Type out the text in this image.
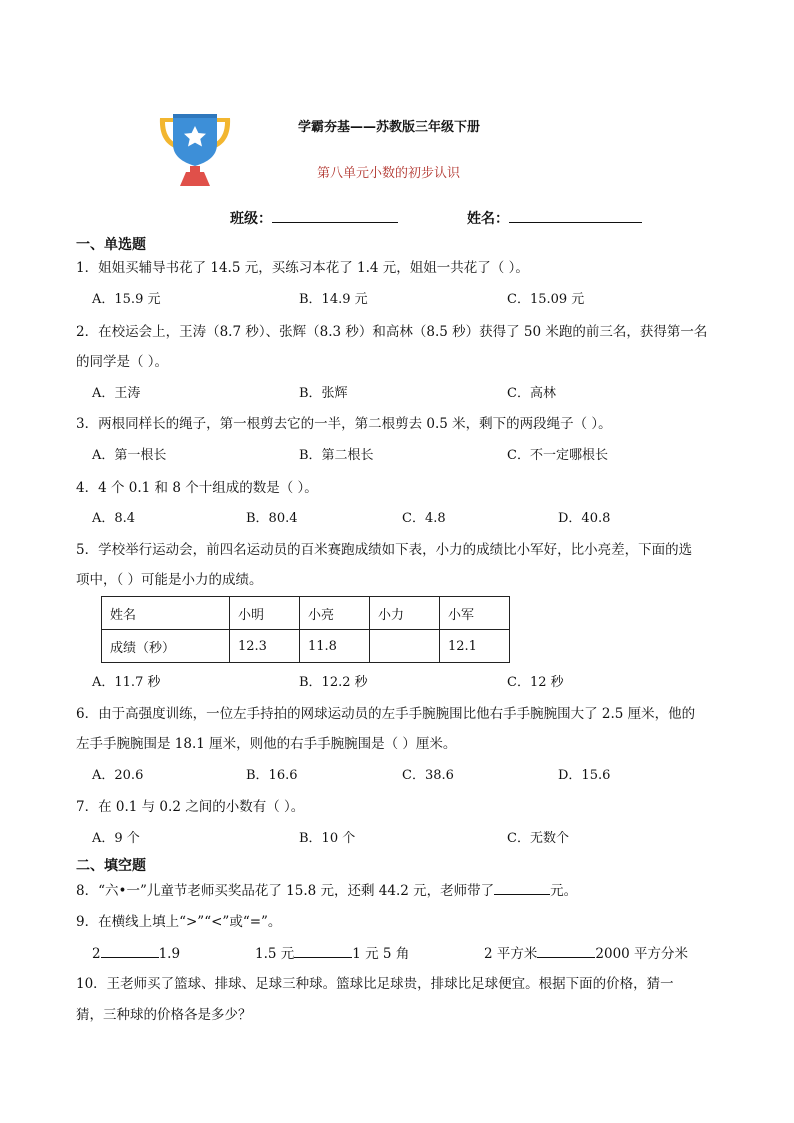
学霸夯基——苏教版三年级下册
第八单元小数的初步认识
班级：	姓名：
一、单选题
1．姐姐买辅导书花了 14.5 元，买练习本花了 1.4 元，姐姐一共花了（ ）。
A．15.9 元	B．14.9 元	C．15.09 元
2．在校运会上，王涛（8.7 秒）、张辉（8.3 秒）和高林（8.5 秒）获得了 50 米跑的前三名，获得第一名
的同学是（ ）。
A．王涛	B．张辉	C．高林
3．两根同样长的绳子，第一根剪去它的一半，第二根剪去 0.5 米，剩下的两段绳子（ ）。
A．第一根长	B．第二根长	C．不一定哪根长
4．4 个 0.1 和 8 个十组成的数是（ ）。
A．8.4	B．80.4	C．4.8	D．40.8
5．学校举行运动会，前四名运动员的百米赛跑成绩如下表，小力的成绩比小军好，比小亮差，下面的选
项中，（ ）可能是小力的成绩。
姓名	小明	小亮	小力	小军
成绩（秒）	12.3	11.8		12.1
A．11.7 秒	B．12.2 秒	C．12 秒
6．由于高强度训练，一位左手持拍的网球运动员的左手手腕腕围比他右手手腕腕围大了 2.5 厘米，他的
左手手腕腕围是 18.1 厘米，则他的右手手腕腕围是（ ）厘米。
A．20.6	B．16.6	C．38.6	D．15.6
7．在 0.1 与 0.2 之间的小数有（ ）。
A．9 个	B．10 个	C．无数个
二、填空题
8．“六•一”儿童节老师买奖品花了 15.8 元，还剩 44.2 元，老师带了	元。
9．在横线上填上“>”“<”或“=”。
2	1.9	1.5 元	1 元 5 角	2 平方米	2000 平方分米
10．王老师买了篮球、排球、足球三种球。篮球比足球贵，排球比足球便宜。根据下面的价格，猜一
猜，三种球的价格各是多少？
